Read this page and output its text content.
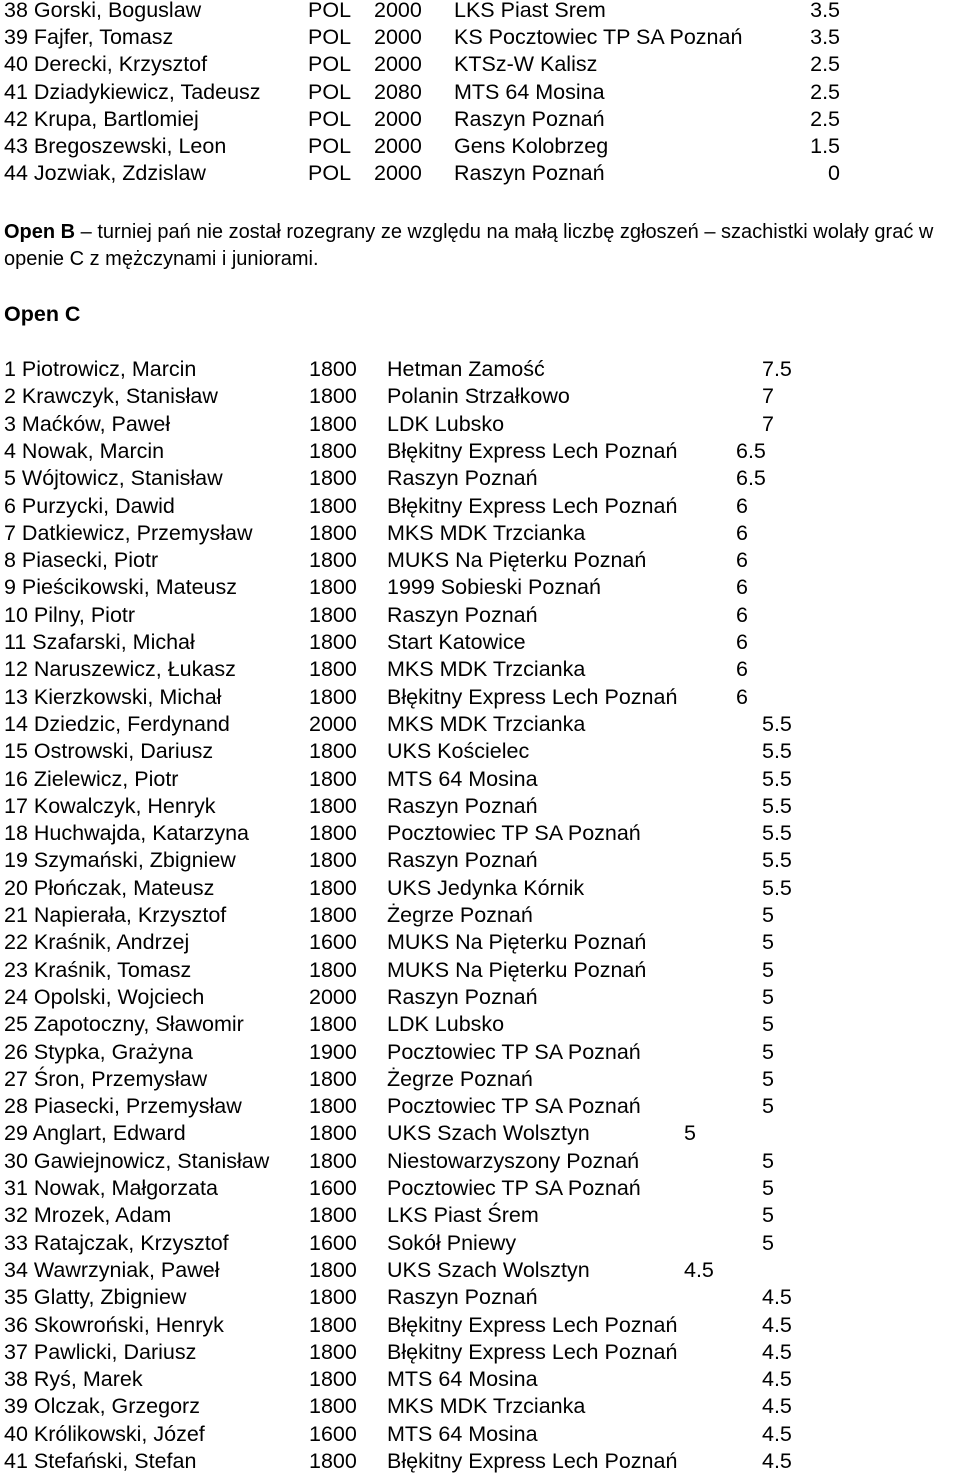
38 Gorski, Boguslaw	POL 2000 LKS Piast Srem	3.5
39 Fajfer, Tomasz	POL 2000 KS Pocztowiec TP SA Poznań	3.5
40 Derecki, Krzysztof	POL 2000 KTSz-W Kalisz	2.5
41 Dziadykiewicz, Tadeusz POL 2080 MTS 64 Mosina	2.5
42 Krupa, Bartlomiej	POL 2000 Raszyn Poznań	2.5
43 Bregoszewski, Leon	POL 2000 Gens Kolobrzeg	1.5
44 Jozwiak, Zdzislaw	POL 2000 Raszyn Poznań	0
Open B – turniej pań nie został rozegrany ze względu na małą liczbę zgłoszeń – szachistki wolały grać w openie C z mężczynami i juniorami.
Open C
1 Piotrowicz, Marcin	1800 Hetman Zamość	7.5
2 Krawczyk, Stanisław	1800 Polanin Strzałkowo	7
3 Maćków, Paweł	1800 LDK Lubsko	7
4 Nowak, Marcin	1800 Błękitny Express Lech Poznań	6.5
5 Wójtowicz, Stanisław	1800 Raszyn Poznań	6.5
6 Purzycki, Dawid	1800 Błękitny Express Lech Poznań	6
7 Datkiewicz, Przemysław	1800 MKS MDK Trzcianka	6
8 Piasecki, Piotr	1800 MUKS Na Pięterku Poznań	6
9 Pieścikowski, Mateusz	1800 1999 Sobieski Poznań	6
10 Pilny, Piotr	1800 Raszyn Poznań	6
11 Szafarski, Michał	1800 Start Katowice	6
12 Naruszewicz, Łukasz	1800 MKS MDK Trzcianka	6
13 Kierzkowski, Michał	1800 Błękitny Express Lech Poznań	6
14 Dziedzic, Ferdynand	2000 MKS MDK Trzcianka	5.5
15 Ostrowski, Dariusz	1800 UKS Kościelec	5.5
16 Zielewicz, Piotr	1800 MTS 64 Mosina	5.5
17 Kowalczyk, Henryk	1800 Raszyn Poznań	5.5
18 Huchwajda, Katarzyna	1800 Pocztowiec TP SA Poznań	5.5
19 Szymański, Zbigniew	1800 Raszyn Poznań	5.5
20 Płończak, Mateusz	1800 UKS Jedynka Kórnik	5.5
21 Napierała, Krzysztof	1800 Żegrze Poznań	5
22 Kraśnik, Andrzej	1600 MUKS Na Pięterku Poznań	5
23 Kraśnik, Tomasz	1800 MUKS Na Pięterku Poznań	5
24 Opolski, Wojciech	2000 Raszyn Poznań	5
25 Zapotoczny, Sławomir	1800 LDK Lubsko	5
26 Stypka, Grażyna	1900 Pocztowiec TP SA Poznań	5
27 Śron, Przemysław	1800 Żegrze Poznań	5
28 Piasecki, Przemysław	1800 Pocztowiec TP SA Poznań	5
29 Anglart, Edward	1800 UKS Szach Wolsztyn	5
30 Gawiejnowicz, Stanisław 1800 Niestowarzyszony Poznań	5
31 Nowak, Małgorzata	1600 Pocztowiec TP SA Poznań	5
32 Mrozek, Adam	1800 LKS Piast Śrem	5
33 Ratajczak, Krzysztof	1600 Sokół Pniewy	5
34 Wawrzyniak, Paweł	1800 UKS Szach Wolsztyn	4.5
35 Glatty, Zbigniew	1800 Raszyn Poznań	4.5
36 Skowroński, Henryk	1800 Błękitny Express Lech Poznań	4.5
37 Pawlicki, Dariusz	1800 Błękitny Express Lech Poznań	4.5
38 Ryś, Marek	1800 MTS 64 Mosina	4.5
39 Olczak, Grzegorz	1800 MKS MDK Trzcianka	4.5
40 Królikowski, Józef	1600 MTS 64 Mosina	4.5
41 Stefański, Stefan	1800 Błękitny Express Lech Poznań	4.5
